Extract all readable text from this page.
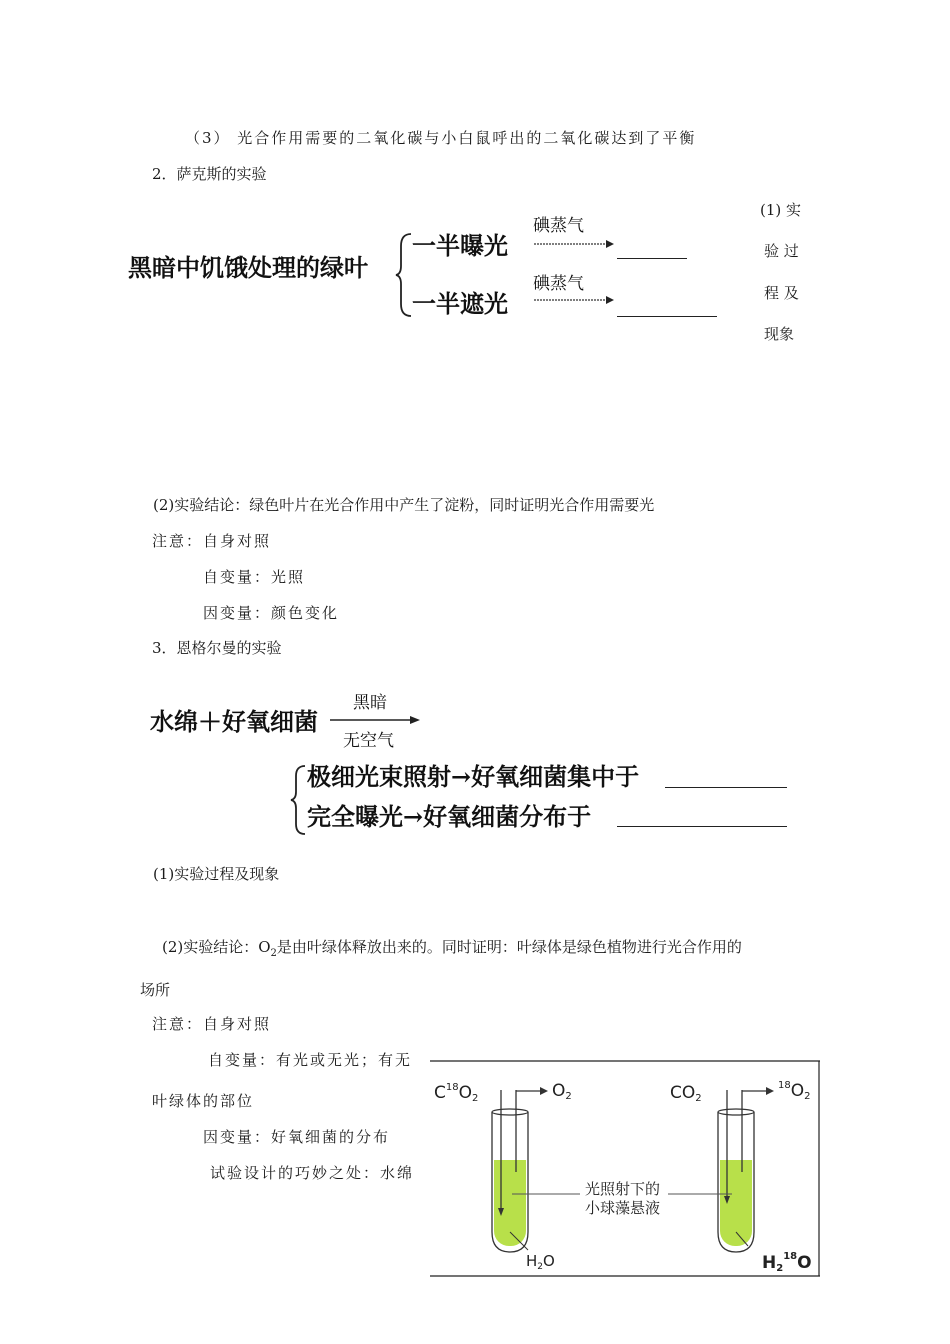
（3） 光合作用需要的二氧化碳与小白鼠呼出的二氧化碳达到了平衡
2．萨克斯的实验
黑暗中饥饿处理的绿叶
一半曝光
一半遮光
碘蒸气
碘蒸气
(1) 实
验 过
程 及
现象
(2)实验结论：绿色叶片在光合作用中产生了淀粉，同时证明光合作用需要光
注意：自身对照
自变量：光照
因变量：颜色变化
3．恩格尔曼的实验
水绵＋好氧细菌
黑暗
无空气
极细光束照射→好氧细菌集中于
完全曝光→好氧细菌分布于
(1)实验过程及现象
(2)实验结论：$O_2$是由叶绿体释放出来的。同时证明：叶绿体是绿色植物进行光合作用的
场所
注意：自身对照
自变量：有光或无光；有无
叶绿体的部位
因变量：好氧细菌的分布
试验设计的巧妙之处：水绵
$C^{18}O2$	O2
$H_2O$
CO2
$^{18}$O2
$H2^{18}O$
光照射下的
小球藻悬液
